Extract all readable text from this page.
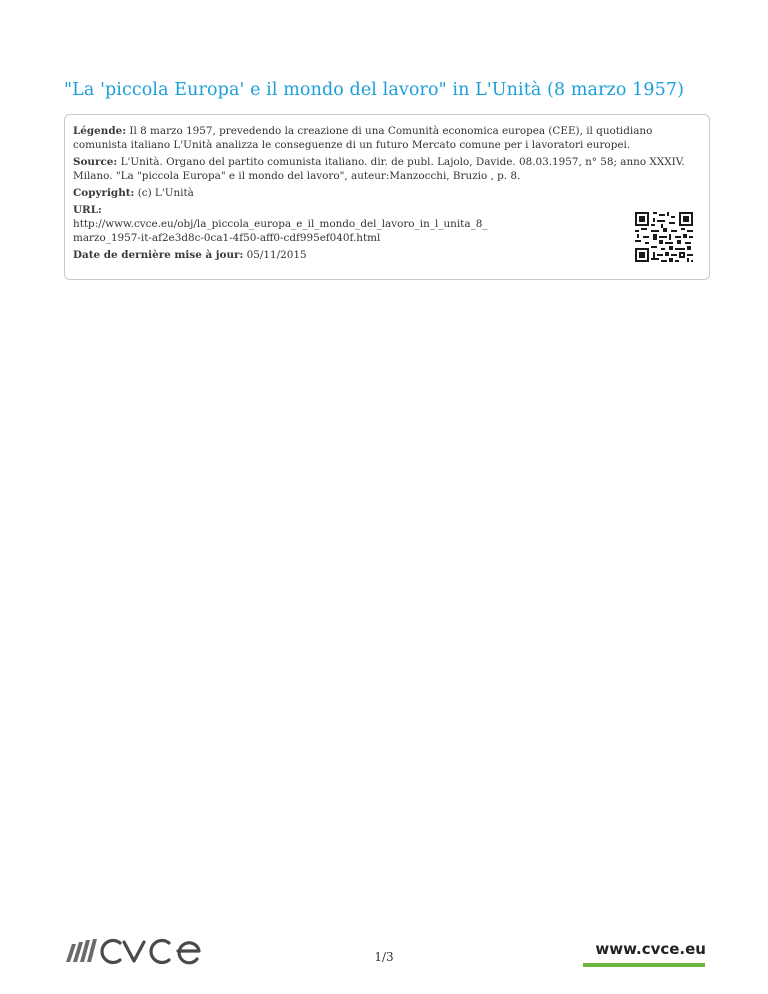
"La 'piccola Europa' e il mondo del lavoro" in L'Unità (8 marzo 1957)
Légende: Il 8 marzo 1957, prevedendo la creazione di una Comunità economica europea (CEE), il quotidiano comunista italiano L'Unità analizza le conseguenze di un futuro Mercato comune per i lavoratori europei.
Source: L'Unità. Organo del partito comunista italiano. dir. de publ. Lajolo, Davide. 08.03.1957, n° 58; anno XXXIV. Milano. "La "piccola Europa" e il mondo del lavoro", auteur:Manzocchi, Bruzio , p. 8.
Copyright: (c) L'Unità
URL:
http://www.cvce.eu/obj/la_piccola_europa_e_il_mondo_del_lavoro_in_l_unita_8_
marzo_1957-it-af2e3d8c-0ca1-4f50-aff0-cdf995ef040f.html
Date de dernière mise à jour: 05/11/2015
1/3	www.cvce.eu
